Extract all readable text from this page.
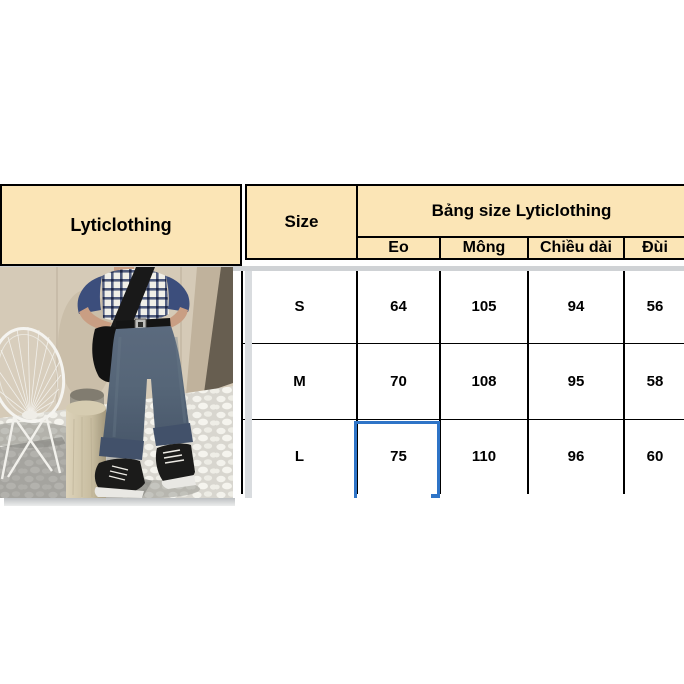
Lyticlothing	Size	Bảng size Lyticlothing			
	Eo	Mông	Chiều dài	Đùi
S	64	105	94	56
M	70	108	95	58
L	75	110	96	60
